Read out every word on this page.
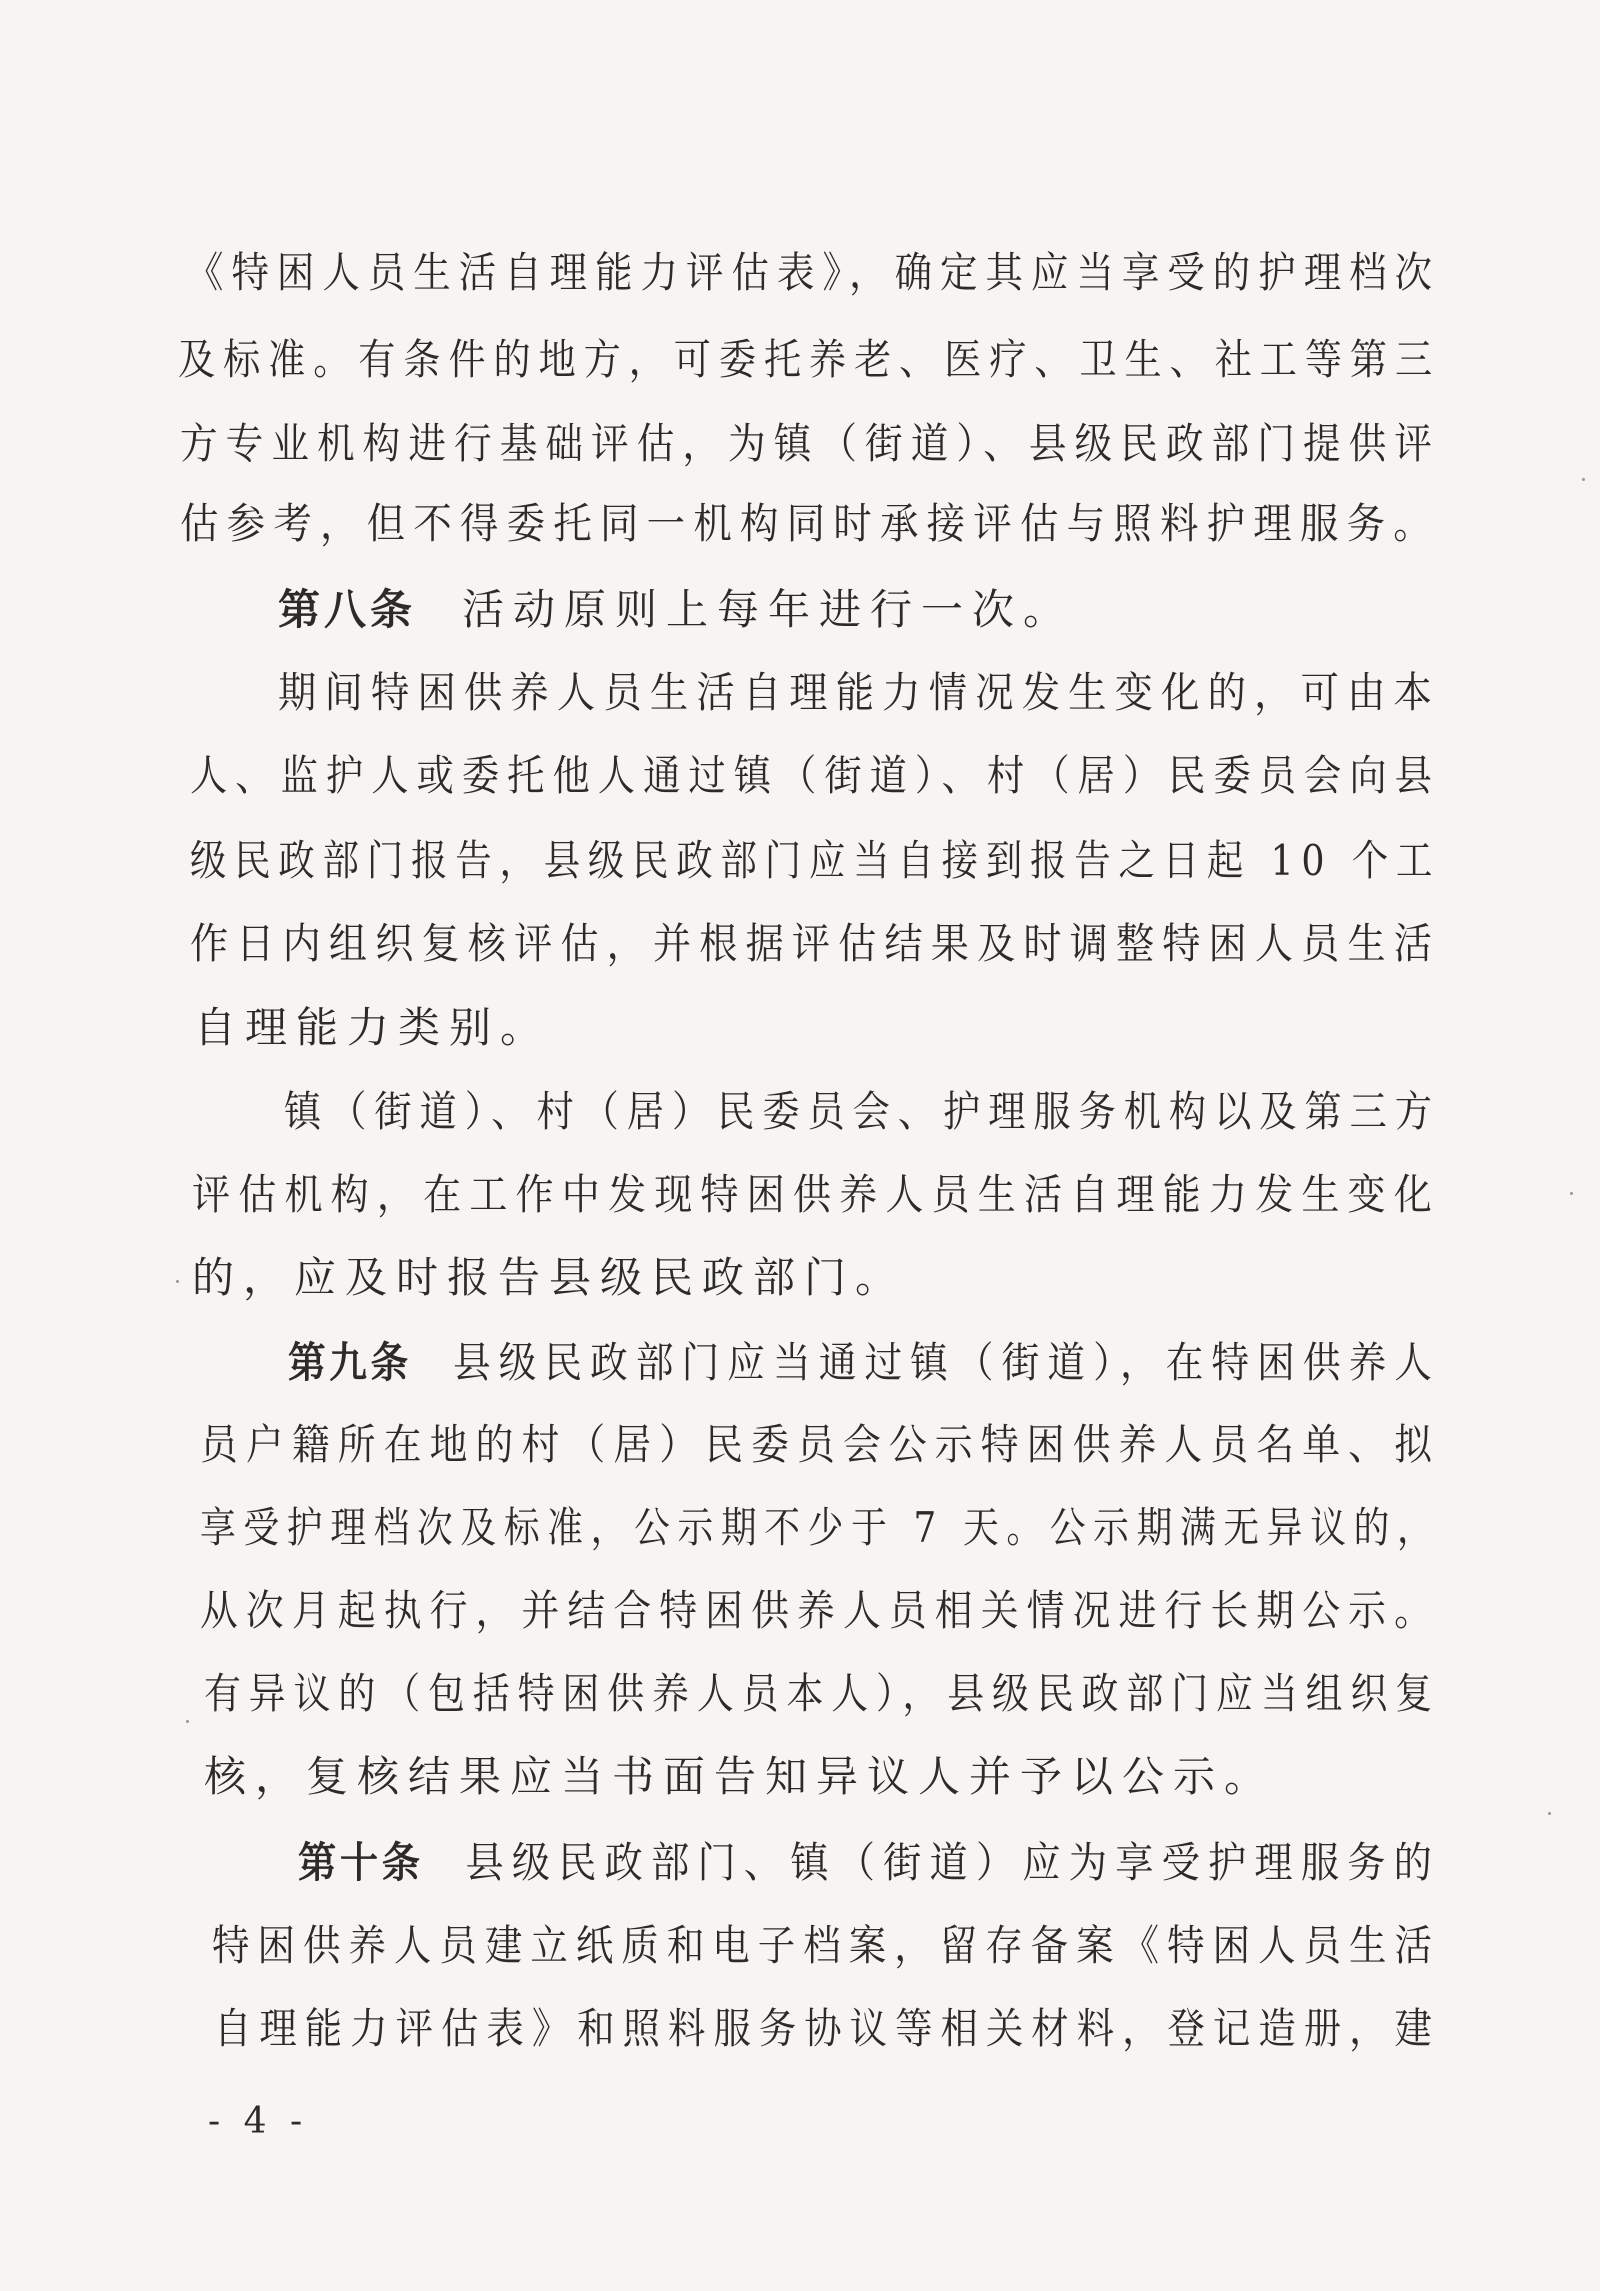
《特困人员生活自理能力评估表》，确定其应当享受的护理档次
及标准。有条件的地方，可委托养老、医疗、卫生、社工等第三
方专业机构进行基础评估，为镇（街道）、县级民政部门提供评
估参考，但不得委托同一机构同时承接评估与照料护理服务。
第八条 活动原则上每年进行一次。
期间特困供养人员生活自理能力情况发生变化的，可由本
人、监护人或委托他人通过镇（街道）、村（居）民委员会向县
级民政部门报告，县级民政部门应当自接到报告之日起 10 个工
作日内组织复核评估，并根据评估结果及时调整特困人员生活
自理能力类别。
镇（街道）、村（居）民委员会、护理服务机构以及第三方
评估机构，在工作中发现特困供养人员生活自理能力发生变化
的，应及时报告县级民政部门。
第九条 县级民政部门应当通过镇（街道），在特困供养人
员户籍所在地的村（居）民委员会公示特困供养人员名单、拟
享受护理档次及标准，公示期不少于 7 天。公示期满无异议的，
从次月起执行，并结合特困供养人员相关情况进行长期公示。
有异议的（包括特困供养人员本人），县级民政部门应当组织复
核，复核结果应当书面告知异议人并予以公示。
第十条 县级民政部门、镇（街道）应为享受护理服务的
特困供养人员建立纸质和电子档案，留存备案《特困人员生活
自理能力评估表》和照料服务协议等相关材料，登记造册，建
- 4 -
